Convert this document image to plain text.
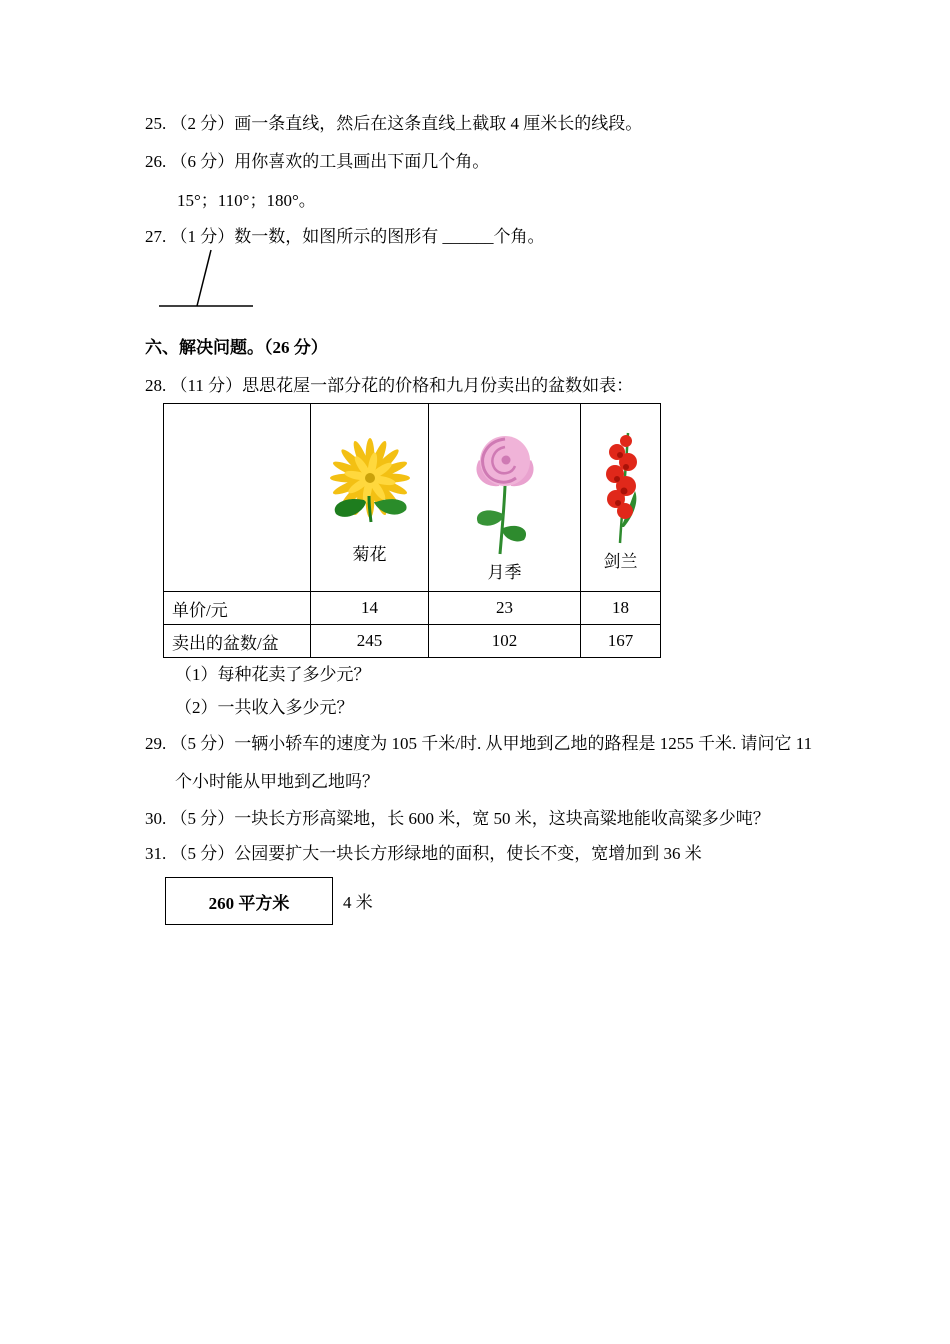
25. （2 分）画一条直线，然后在这条直线上截取 4 厘米长的线段。
26. （6 分）用你喜欢的工具画出下面几个角。
15°；110°；180°。
27. （1 分）数一数，如图所示的图形有 ______个角。
六、解决问题。（26 分）
28. （11 分）思思花屋一部分花的价格和九月份卖出的盆数如表：

	菊花	月季	剑兰

单价/元	14	23	18
卖出的盆数/盆	245	102	167
（1）每种花卖了多少元？
（2）一共收入多少元？
29. （5 分）一辆小轿车的速度为 105 千米/时. 从甲地到乙地的路程是 1255 千米. 请问它 11
个小时能从甲地到乙地吗？
30. （5 分）一块长方形高粱地，长 600 米，宽 50 米，这块高粱地能收高粱多少吨？
31. （5 分）公园要扩大一块长方形绿地的面积，使长不变，宽增加到 36 米
260 平方米	4 米
